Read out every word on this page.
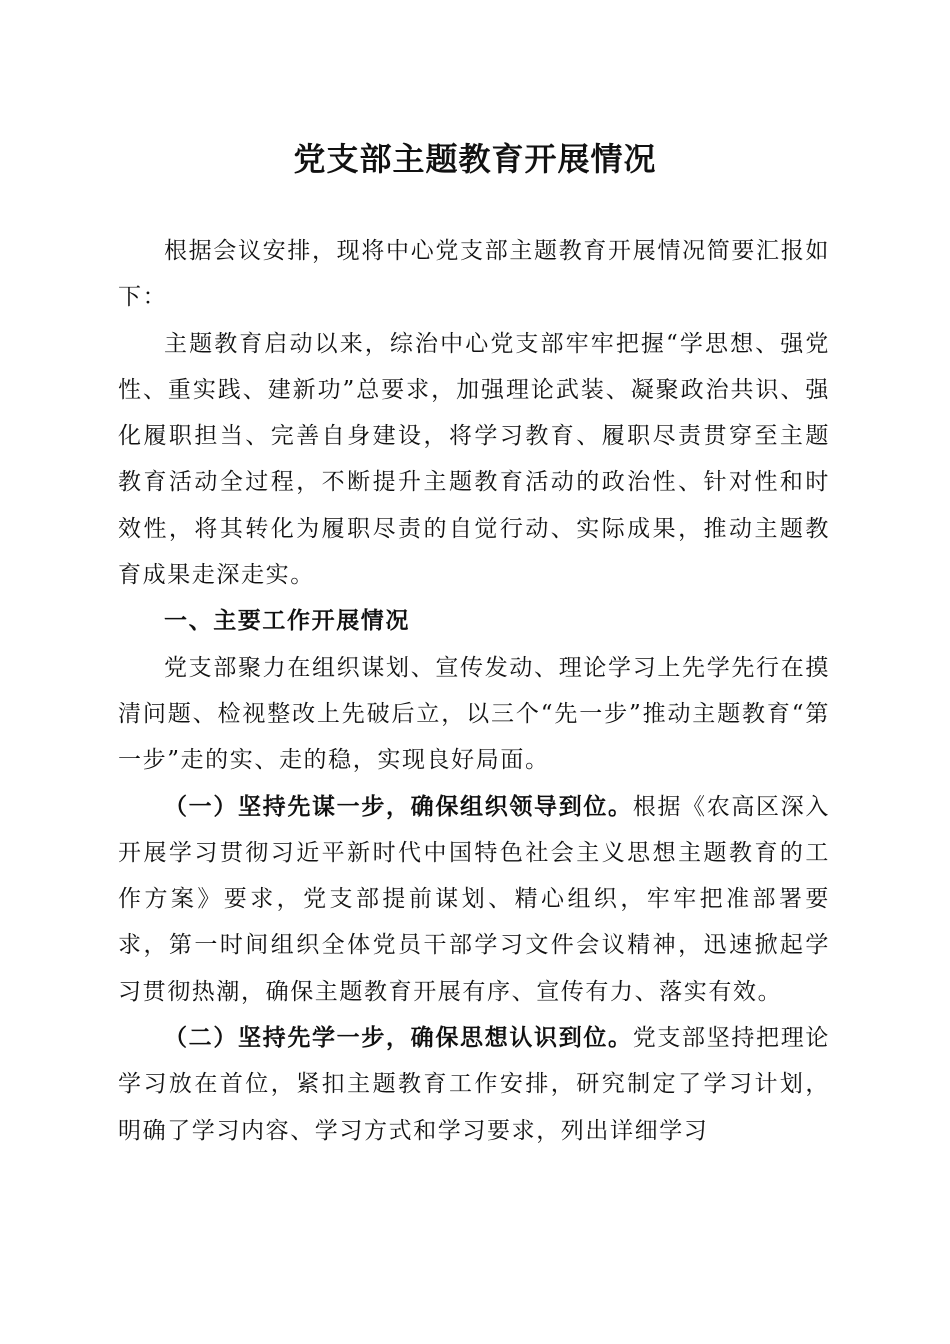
党支部主题教育开展情况

根据会议安排，现将中心党支部主题教育开展情况简要汇报如下：

主题教育启动以来，综治中心党支部牢牢把握“学思想、强党性、重实践、建新功”总要求，加强理论武装、凝聚政治共识、强化履职担当、完善自身建设，将学习教育、履职尽责贯穿至主题教育活动全过程，不断提升主题教育活动的政治性、针对性和时效性，将其转化为履职尽责的自觉行动、实际成果，推动主题教育成果走深走实。

一、主要工作开展情况

党支部聚力在组织谋划、宣传发动、理论学习上先学先行在摸清问题、检视整改上先破后立，以三个“先一步”推动主题教育“第一步”走的实、走的稳，实现良好局面。

（一）坚持先谋一步，确保组织领导到位。根据《农高区深入开展学习贯彻习近平新时代中国特色社会主义思想主题教育的工作方案》要求，党支部提前谋划、精心组织，牢牢把准部署要求，第一时间组织全体党员干部学习文件会议精神，迅速掀起学习贯彻热潮，确保主题教育开展有序、宣传有力、落实有效。

（二）坚持先学一步，确保思想认识到位。党支部坚持把理论学习放在首位，紧扣主题教育工作安排，研究制定了学习计划，明确了学习内容、学习方式和学习要求，列出详细学习
